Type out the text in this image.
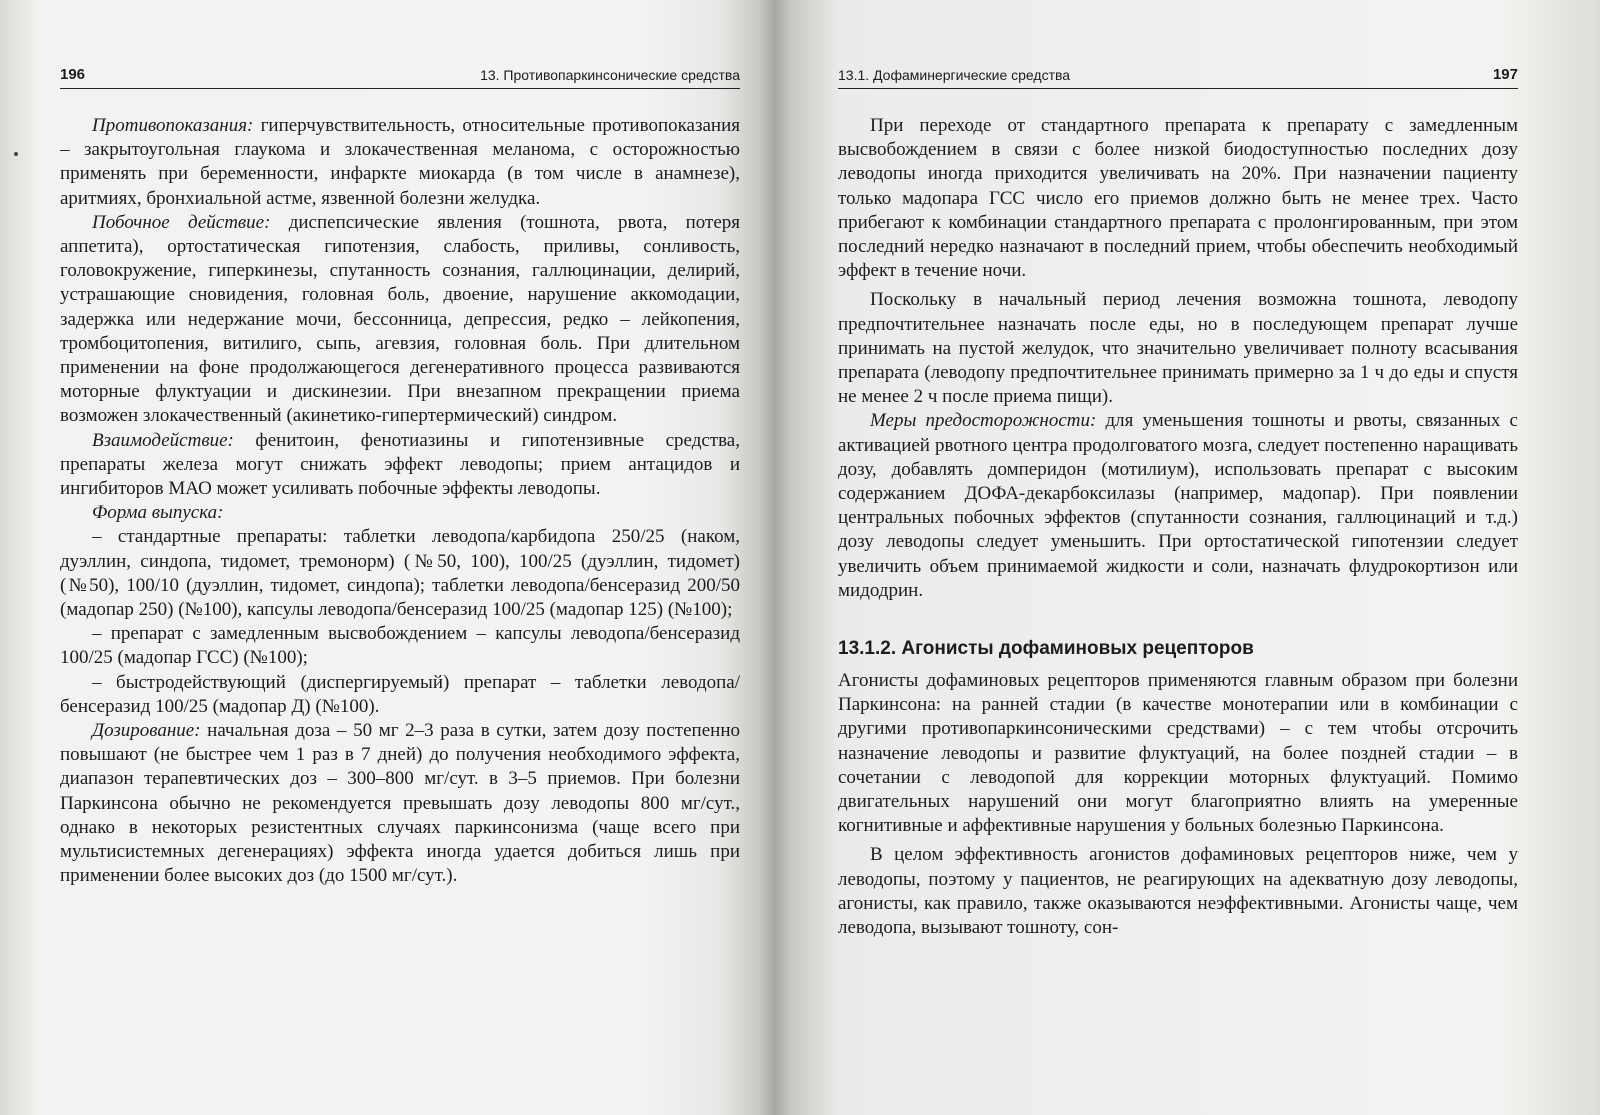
196	13. Противопаркинсонические средства

Противопоказания: гиперчувствительность, относительные противопоказания – закрытоугольная глаукома и злокачественная меланома, с осторожностью применять при беременности, инфаркте миокарда (в том числе в анамнезе), аритмиях, бронхиальной астме, язвенной болезни желудка.

Побочное действие: диспепсические явления (тошнота, рвота, потеря аппетита), ортостатическая гипотензия, слабость, приливы, сонливость, головокружение, гиперкинезы, спутанность сознания, галлюцинации, делирий, устрашающие сновидения, головная боль, двоение, нарушение аккомодации, задержка или недержание мочи, бессонница, депрессия, редко – лейкопения, тромбоцитопения, витилиго, сыпь, агевзия, головная боль. При длительном применении на фоне продолжающегося дегенеративного процесса развиваются моторные флуктуации и дискинезии. При внезапном прекращении приема возможен злокачественный (акинетико-гипертермический) синдром.

Взаимодействие: фенитоин, фенотиазины и гипотензивные средства, препараты железа могут снижать эффект леводопы; прием антацидов и ингибиторов МАО может усиливать побочные эффекты леводопы.

Форма выпуска:

– стандартные препараты: таблетки леводопа/карбидопа 250/25 (наком, дуэллин, синдопа, тидомет, тремонорм) (№50, 100), 100/25 (дуэллин, тидомет) (№50), 100/10 (дуэллин, тидомет, синдопа); таблетки леводопа/бенсеразид 200/50 (мадопар 250) (№100), капсулы леводопа/бенсеразид 100/25 (мадопар 125) (№100);

– препарат с замедленным высвобождением – капсулы леводопа/бенсеразид 100/25 (мадопар ГСС) (№100);

– быстродействующий (диспергируемый) препарат – таблетки леводопа/бенсеразид 100/25 (мадопар Д) (№100).

Дозирование: начальная доза – 50 мг 2–3 раза в сутки, затем дозу постепенно повышают (не быстрее чем 1 раз в 7 дней) до получения необходимого эффекта, диапазон терапевтических доз – 300–800 мг/сут. в 3–5 приемов. При болезни Паркинсона обычно не рекомендуется превышать дозу леводопы 800 мг/сут., однако в некоторых резистентных случаях паркинсонизма (чаще всего при мультисистемных дегенерациях) эффекта иногда удается добиться лишь при применении более высоких доз (до 1500 мг/сут.).

13.1. Дофаминергические средства	197

При переходе от стандартного препарата к препарату с замедленным высвобождением в связи с более низкой биодоступностью последних дозу леводопы иногда приходится увеличивать на 20%. При назначении пациенту только мадопара ГСС число его приемов должно быть не менее трех. Часто прибегают к комбинации стандартного препарата с пролонгированным, при этом последний нередко назначают в последний прием, чтобы обеспечить необходимый эффект в течение ночи.

Поскольку в начальный период лечения возможна тошнота, леводопу предпочтительнее назначать после еды, но в последующем препарат лучше принимать на пустой желудок, что значительно увеличивает полноту всасывания препарата (леводопу предпочтительнее принимать примерно за 1 ч до еды и спустя не менее 2 ч после приема пищи).

Меры предосторожности: для уменьшения тошноты и рвоты, связанных с активацией рвотного центра продолговатого мозга, следует постепенно наращивать дозу, добавлять домперидон (мотилиум), использовать препарат с высоким содержанием ДОФА-декарбоксилазы (например, мадопар). При появлении центральных побочных эффектов (спутанности сознания, галлюцинаций и т.д.) дозу леводопы следует уменьшить. При ортостатической гипотензии следует увеличить объем принимаемой жидкости и соли, назначать флудрокортизон или мидодрин.

13.1.2. Агонисты дофаминовых рецепторов

Агонисты дофаминовых рецепторов применяются главным образом при болезни Паркинсона: на ранней стадии (в качестве монотерапии или в комбинации с другими противопаркинсоническими средствами) – с тем чтобы отсрочить назначение леводопы и развитие флуктуаций, на более поздней стадии – в сочетании с леводопой для коррекции моторных флуктуаций. Помимо двигательных нарушений они могут благоприятно влиять на умеренные когнитивные и аффективные нарушения у больных болезнью Паркинсона.

В целом эффективность агонистов дофаминовых рецепторов ниже, чем у леводопы, поэтому у пациентов, не реагирующих на адекватную дозу леводопы, агонисты, как правило, также оказываются неэффективными. Агонисты чаще, чем леводопа, вызывают тошноту, сон-
